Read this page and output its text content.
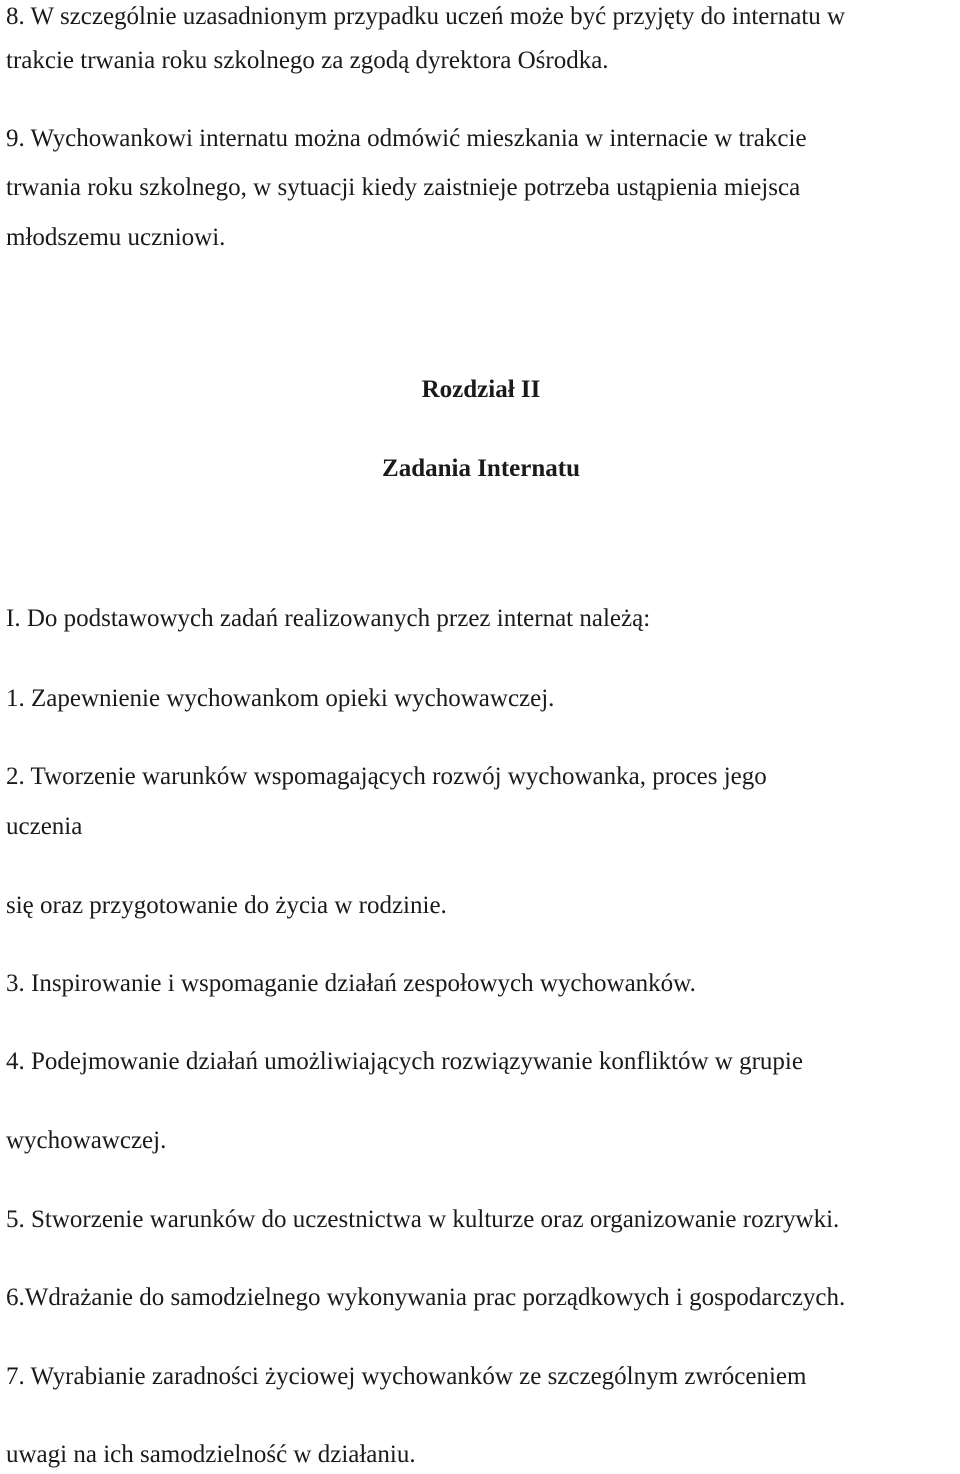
8. W szczególnie uzasadnionym przypadku uczeń może być przyjęty do internatu w
trakcie trwania roku szkolnego za zgodą dyrektora Ośrodka.
9. Wychowankowi internatu można odmówić mieszkania w internacie w trakcie
trwania roku szkolnego, w sytuacji kiedy zaistnieje potrzeba ustąpienia miejsca
młodszemu uczniowi.
Rozdział II
Zadania Internatu
I. Do podstawowych zadań realizowanych przez internat należą:
1. Zapewnienie wychowankom opieki wychowawczej.
2. Tworzenie warunków wspomagających rozwój wychowanka, proces jego
uczenia
się oraz przygotowanie do życia w rodzinie.
3. Inspirowanie i wspomaganie działań zespołowych wychowanków.
4. Podejmowanie działań umożliwiających rozwiązywanie konfliktów w grupie
wychowawczej.
5. Stworzenie warunków do uczestnictwa w kulturze oraz organizowanie rozrywki.
6.Wdrażanie do samodzielnego wykonywania prac porządkowych i gospodarczych.
7. Wyrabianie zaradności życiowej wychowanków ze szczególnym zwróceniem
uwagi na ich samodzielność w działaniu.
